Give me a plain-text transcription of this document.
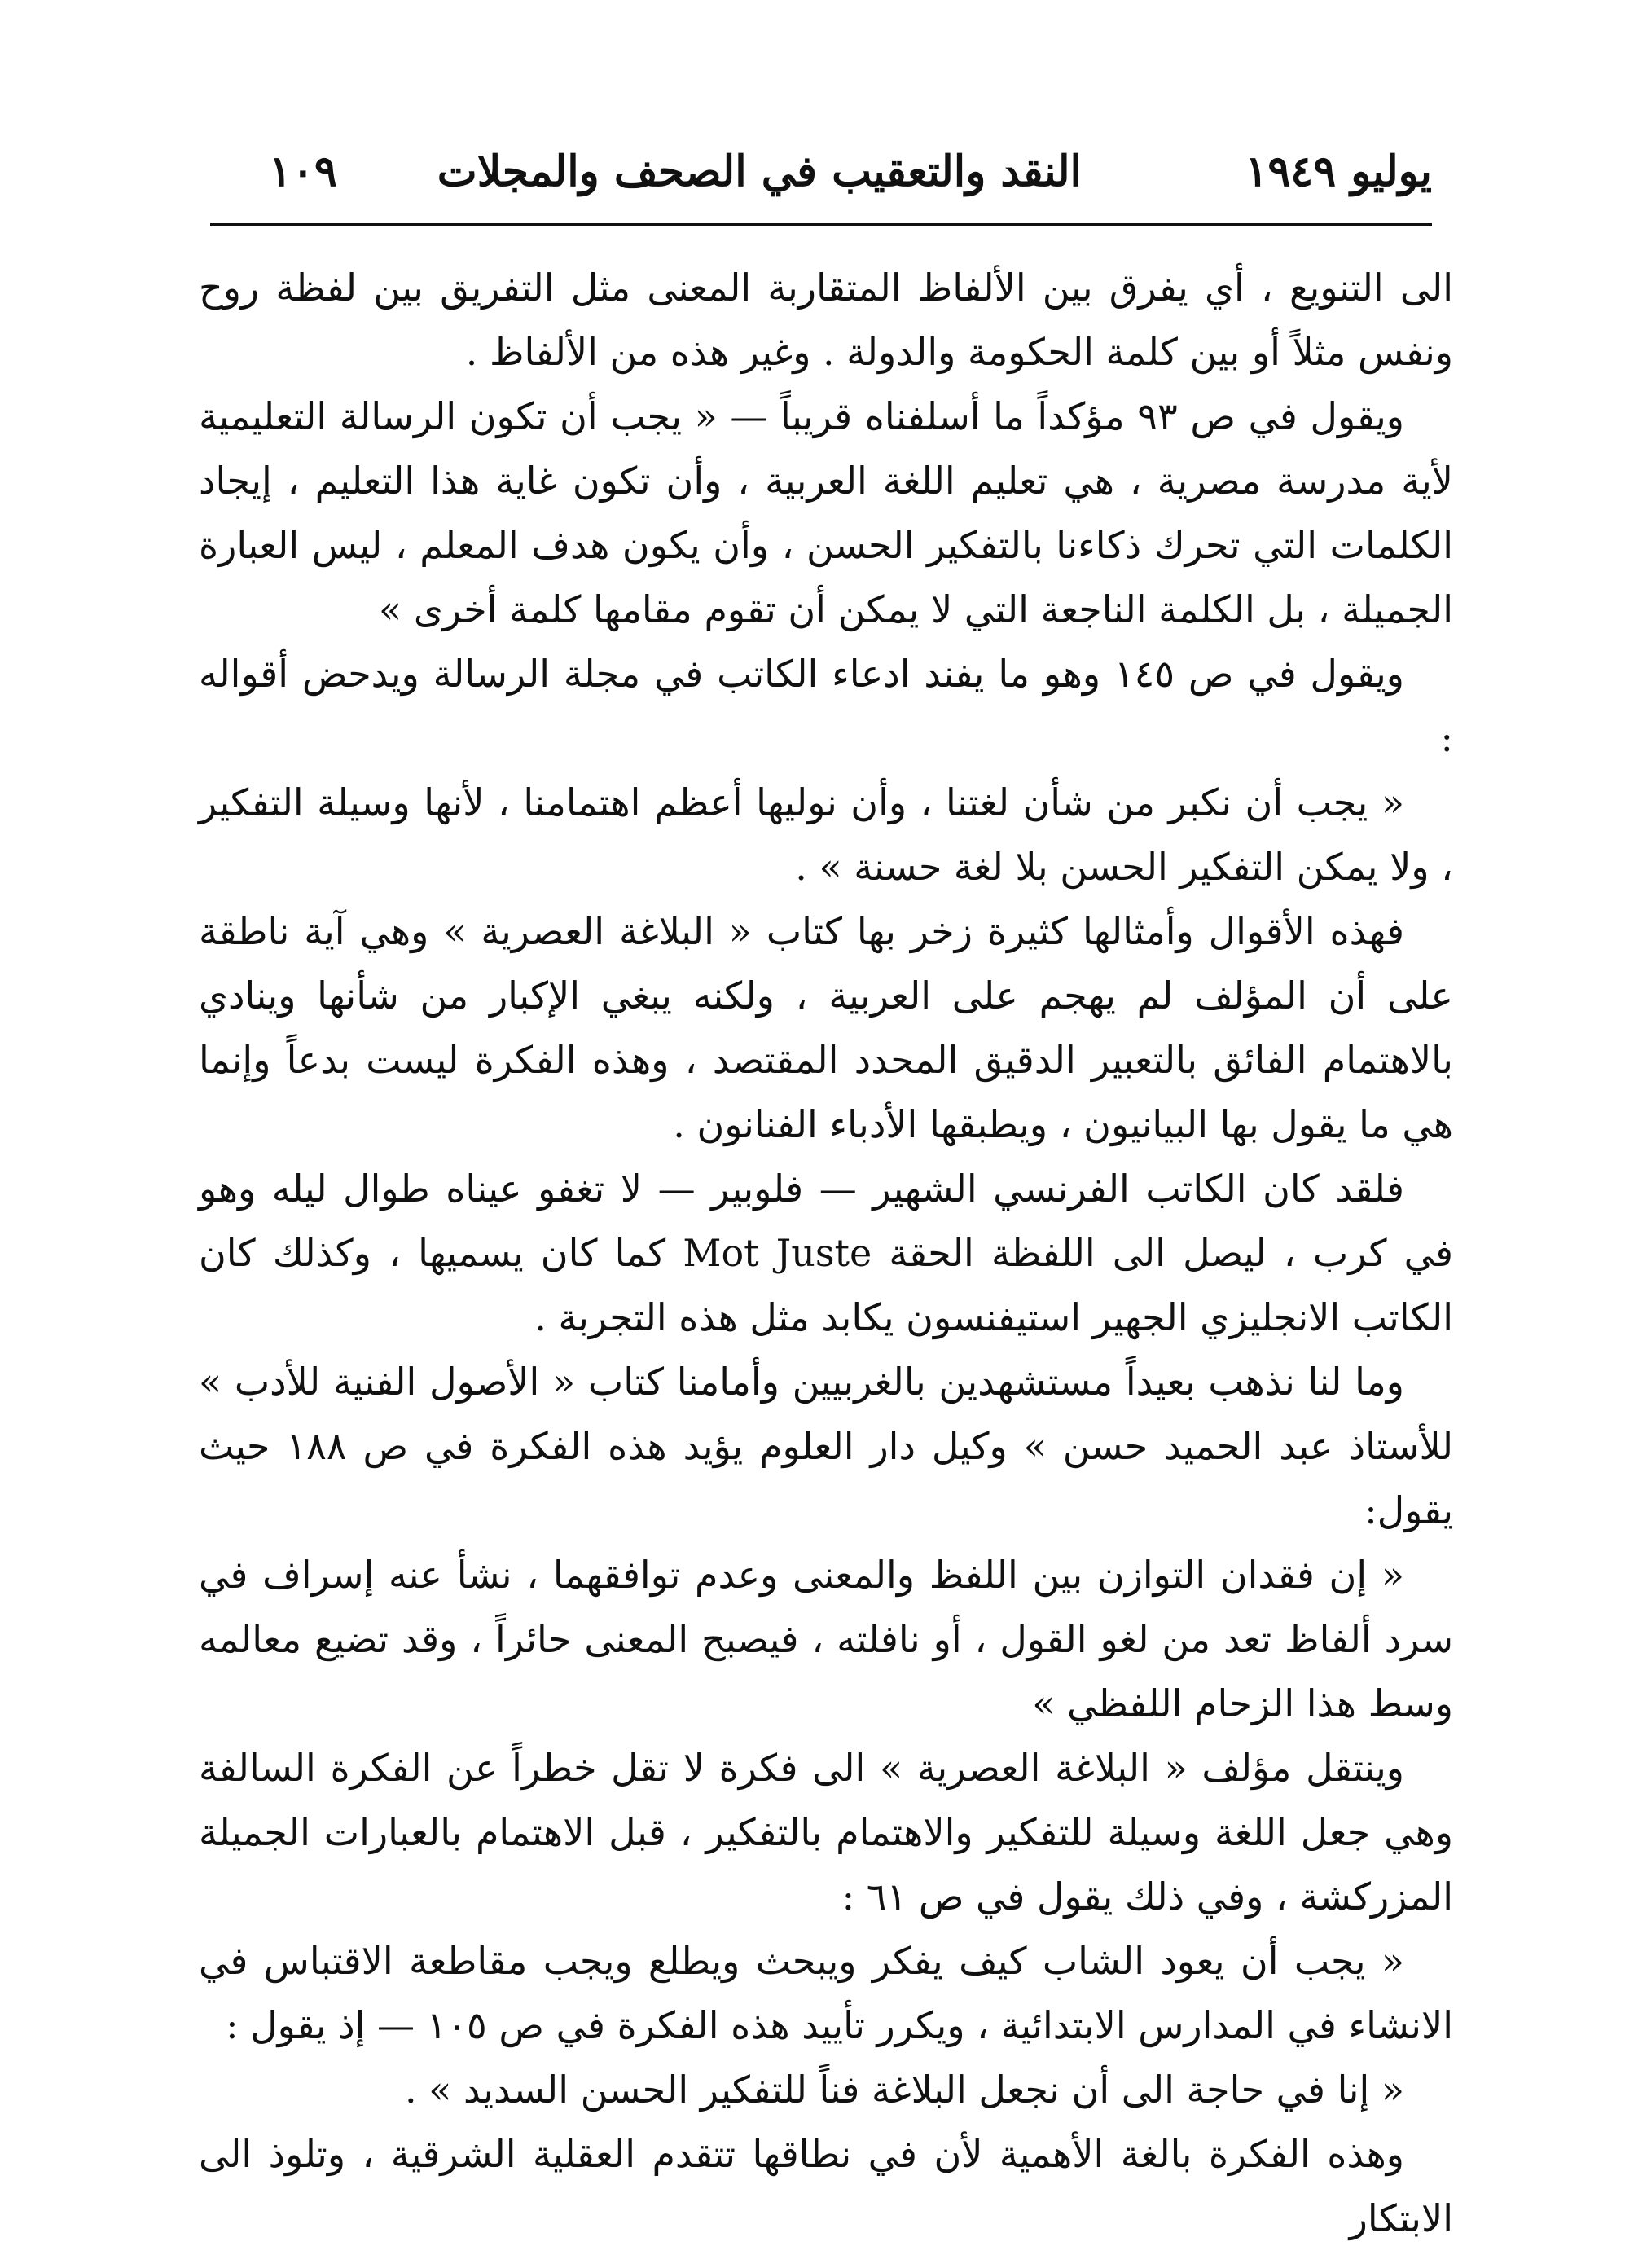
يوليو ١٩٤٩
النقد والتعقيب في الصحف والمجلات
١٠٩

الى التنويع ، أي يفرق بين الألفاظ المتقاربة المعنى مثل التفريق بين لفظة روح ونفس مثلاً أو بين كلمة الحكومة والدولة . وغير هذه من الألفاظ .

ويقول في ص ٩٣ مؤكداً ما أسلفناه قريباً — « يجب أن تكون الرسالة التعليمية لأية مدرسة مصرية ، هي تعليم اللغة العربية ، وأن تكون غاية هذا التعليم ، إيجاد الكلمات التي تحرك ذكاءنا بالتفكير الحسن ، وأن يكون هدف المعلم ، ليس العبارة الجميلة ، بل الكلمة الناجعة التي لا يمكن أن تقوم مقامها كلمة أخرى »

ويقول في ص ١٤٥ وهو ما يفند ادعاء الكاتب في مجلة الرسالة ويدحض أقواله :

« يجب أن نكبر من شأن لغتنا ، وأن نوليها أعظم اهتمامنا ، لأنها وسيلة التفكير ، ولا يمكن التفكير الحسن بلا لغة حسنة » .

فهذه الأقوال وأمثالها كثيرة زخر بها كتاب « البلاغة العصرية » وهي آية ناطقة على أن المؤلف لم يهجم على العربية ، ولكنه يبغي الإكبار من شأنها وينادي بالاهتمام الفائق بالتعبير الدقيق المحدد المقتصد ، وهذه الفكرة ليست بدعاً وإنما هي ما يقول بها البيانيون ، ويطبقها الأدباء الفنانون .

فلقد كان الكاتب الفرنسي الشهير — فلوبير — لا تغفو عيناه طوال ليله وهو في كرب ، ليصل الى اللفظة الحقة Mot Juste كما كان يسميها ، وكذلك كان الكاتب الانجليزي الجهير استيفنسون يكابد مثل هذه التجربة .

وما لنا نذهب بعيداً مستشهدين بالغربيين وأمامنا كتاب « الأصول الفنية للأدب » للأستاذ عبد الحميد حسن » وكيل دار العلوم يؤيد هذه الفكرة في ص ١٨٨ حيث يقول:

« إن فقدان التوازن بين اللفظ والمعنى وعدم توافقهما ، نشأ عنه إسراف في سرد ألفاظ تعد من لغو القول ، أو نافلته ، فيصبح المعنى حائراً ، وقد تضيع معالمه وسط هذا الزحام اللفظي »

وينتقل مؤلف « البلاغة العصرية » الى فكرة لا تقل خطراً عن الفكرة السالفة وهي جعل اللغة وسيلة للتفكير والاهتمام بالتفكير ، قبل الاهتمام بالعبارات الجميلة المزركشة ، وفي ذلك يقول في ص ٦١ :

« يجب أن يعود الشاب كيف يفكر ويبحث ويطلع ويجب مقاطعة الاقتباس في الانشاء في المدارس الابتدائية ، ويكرر تأييد هذه الفكرة في ص ١٠٥ — إذ يقول :

« إنا في حاجة الى أن نجعل البلاغة فناً للتفكير الحسن السديد » .

وهذه الفكرة بالغة الأهمية لأن في نطاقها تتقدم العقلية الشرقية ، وتلوذ الى الابتكار
